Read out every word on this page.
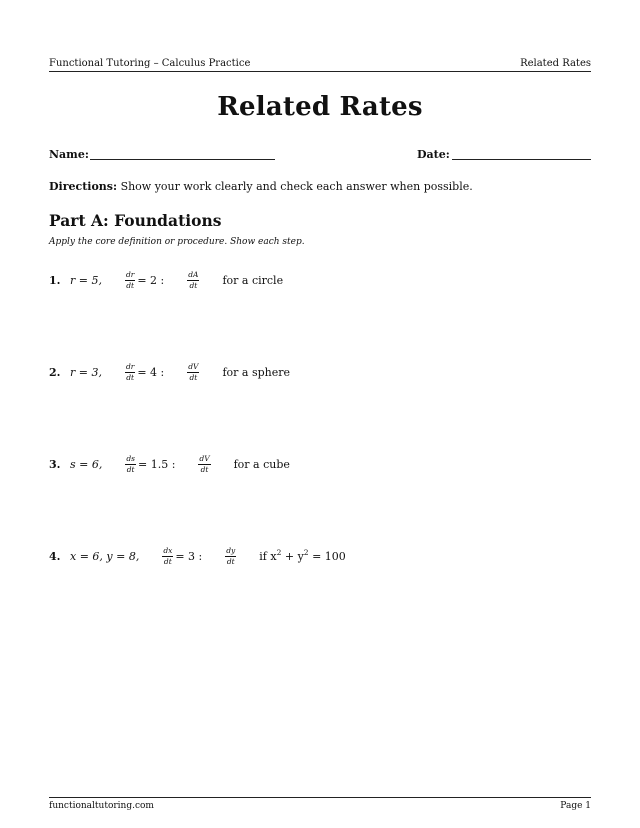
Functional Tutoring – Calculus Practice	Related Rates
Related Rates
Name:	Date:
Directions: Show your work clearly and check each answer when possible.
Part A: Foundations
Apply the core definition or procedure. Show each step.
1. r = 5,

	$\frac{dr}{dt} = 2$ :

	$\frac{dA}{dt}$

for a circle
2. r = 3,

	$\frac{dr}{dt} = 4$ :

	$\frac{dV}{dt}$

for a sphere
3. s = 6,

	$\frac{ds}{dt} = 1.5$ :

	$\frac{dV}{dt}$

for a cube
4. x = 6, y = 8,

	$\frac{dx}{dt} = 3$ :

	$\frac{dy}{dt}$

if $x^2 + y^2 = 100$
functionaltutoring.com	Page 1
